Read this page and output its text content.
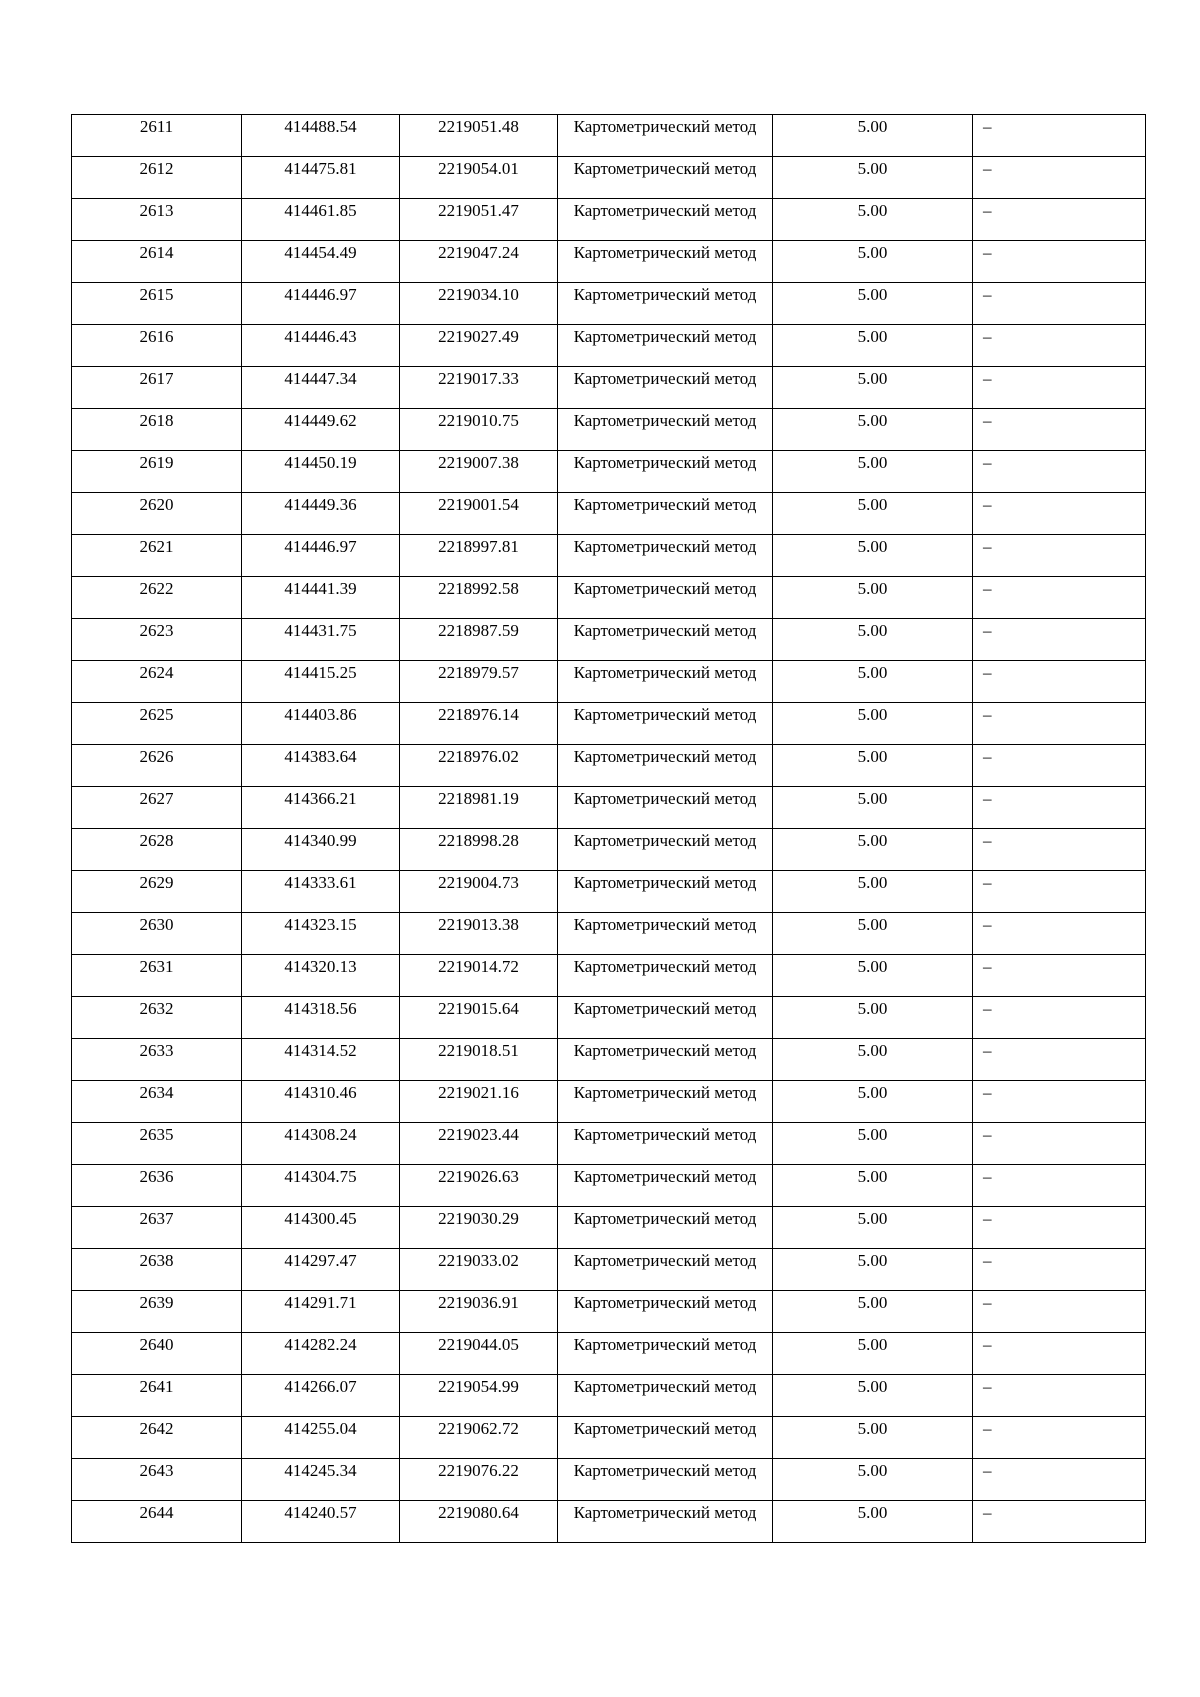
2611	414488.54	2219051.48	Картометрический метод	5.00	–

2612	414475.81	2219054.01	Картометрический метод	5.00	–

2613	414461.85	2219051.47	Картометрический метод	5.00	–

2614	414454.49	2219047.24	Картометрический метод	5.00	–

2615	414446.97	2219034.10	Картометрический метод	5.00	–

2616	414446.43	2219027.49	Картометрический метод	5.00	–

2617	414447.34	2219017.33	Картометрический метод	5.00	–

2618	414449.62	2219010.75	Картометрический метод	5.00	–

2619	414450.19	2219007.38	Картометрический метод	5.00	–

2620	414449.36	2219001.54	Картометрический метод	5.00	–

2621	414446.97	2218997.81	Картометрический метод	5.00	–

2622	414441.39	2218992.58	Картометрический метод	5.00	–

2623	414431.75	2218987.59	Картометрический метод	5.00	–

2624	414415.25	2218979.57	Картометрический метод	5.00	–

2625	414403.86	2218976.14	Картометрический метод	5.00	–

2626	414383.64	2218976.02	Картометрический метод	5.00	–

2627	414366.21	2218981.19	Картометрический метод	5.00	–

2628	414340.99	2218998.28	Картометрический метод	5.00	–

2629	414333.61	2219004.73	Картометрический метод	5.00	–

2630	414323.15	2219013.38	Картометрический метод	5.00	–

2631	414320.13	2219014.72	Картометрический метод	5.00	–

2632	414318.56	2219015.64	Картометрический метод	5.00	–

2633	414314.52	2219018.51	Картометрический метод	5.00	–

2634	414310.46	2219021.16	Картометрический метод	5.00	–

2635	414308.24	2219023.44	Картометрический метод	5.00	–

2636	414304.75	2219026.63	Картометрический метод	5.00	–

2637	414300.45	2219030.29	Картометрический метод	5.00	–

2638	414297.47	2219033.02	Картометрический метод	5.00	–

2639	414291.71	2219036.91	Картометрический метод	5.00	–

2640	414282.24	2219044.05	Картометрический метод	5.00	–

2641	414266.07	2219054.99	Картометрический метод	5.00	–

2642	414255.04	2219062.72	Картометрический метод	5.00	–

2643	414245.34	2219076.22	Картометрический метод	5.00	–

2644	414240.57	2219080.64	Картометрический метод	5.00	–
